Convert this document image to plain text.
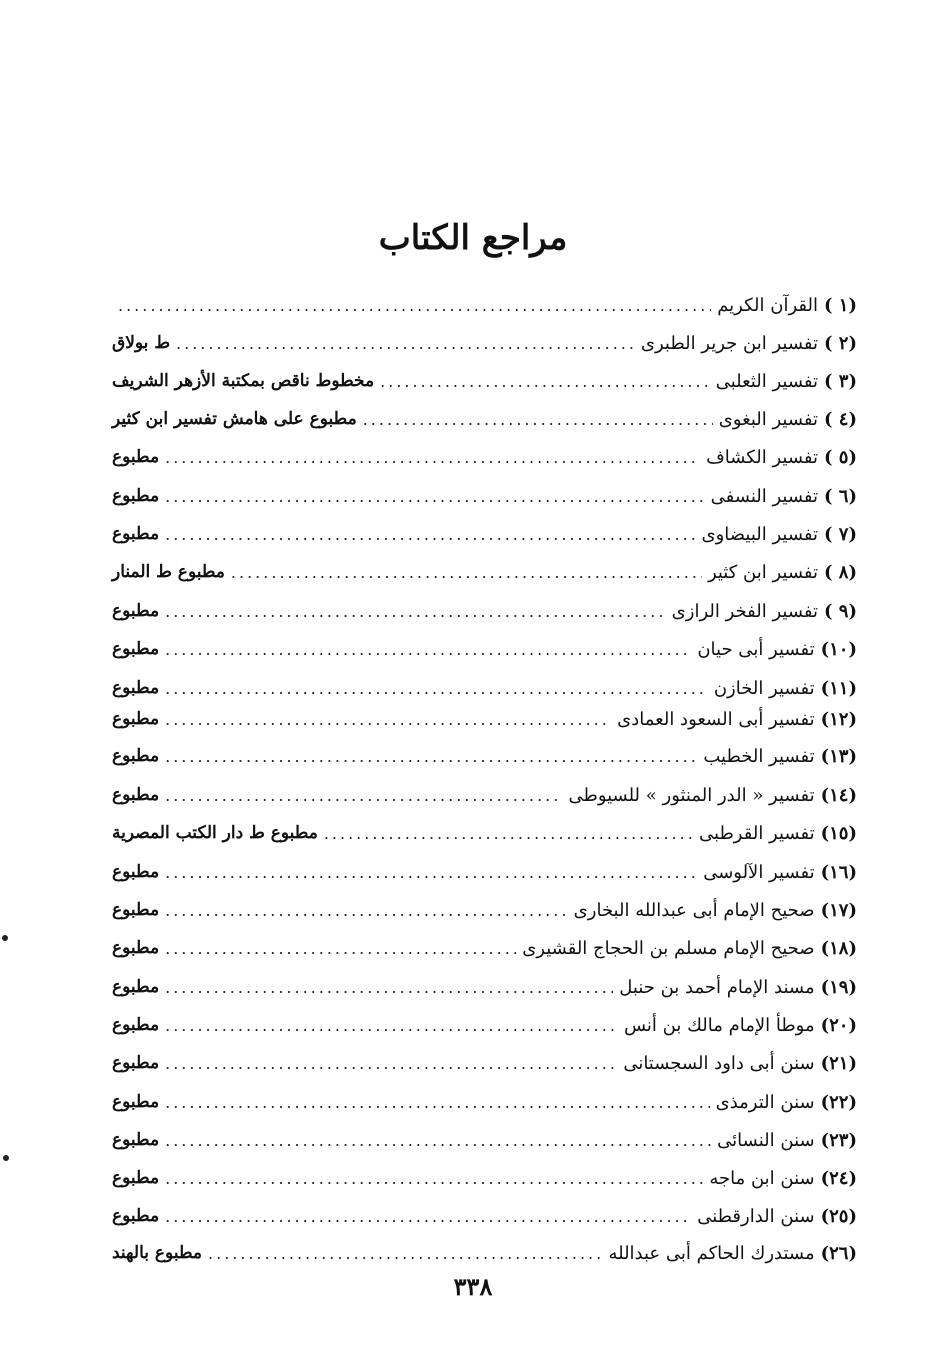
مراجع الكتاب
(١ )
القرآن الكريم
.....
(٢ )
تفسير ابن جرير الطبرى
.....
ط بولاق
(٣ )
تفسير الثعلبى
.....
مخطوط ناقص بمكتبة الأزهر الشريف
(٤ )
تفسير البغوى
.....
مطبوع على هامش تفسير ابن كثير
(٥ )
تفسير الكشاف
.....
مطبوع
(٦ )
تفسير النسفى
.....
مطبوع
(٧ )
تفسير البيضاوى
.....
مطبوع
(٨ )
تفسير ابن كثير
.....
مطبوع ط المنار
(٩ )
تفسير الفخر الرازى
.....
مطبوع
(١٠)
تفسير أبى حيان
.....
مطبوع
(١١)
تفسير الخازن
.....
مطبوع
(١٢)
تفسير أبى السعود العمادى
.....
مطبوع
(١٣)
تفسير الخطيب
.....
مطبوع
(١٤)
تفسير « الدر المنثور » للسيوطى
.....
مطبوع
(١٥)
تفسير القرطبى
.....
مطبوع ط دار الكتب المصرية
(١٦)
تفسير الآلوسى
.....
مطبوع
(١٧)
صحيح الإمام أبى عبدالله البخارى
.....
مطبوع
(١٨)
صحيح الإمام مسلم بن الحجاج القشيرى
.....
مطبوع
(١٩)
مسند الإمام أحمد بن حنبل
.....
مطبوع
(٢٠)
موطأ الإمام مالك بن أنس
.....
مطبوع
(٢١)
سنن أبى داود السجستانى
.....
مطبوع
(٢٢)
سنن الترمذى
.....
مطبوع
(٢٣)
سنن النسائى
.....
مطبوع
(٢٤)
سنن ابن ماجه
.....
مطبوع
(٢٥)
سنن الدارقطنى
.....
مطبوع
(٢٦)
مستدرك الحاكم أبى عبدالله
.....
مطبوع بالهند
٣٣٨
